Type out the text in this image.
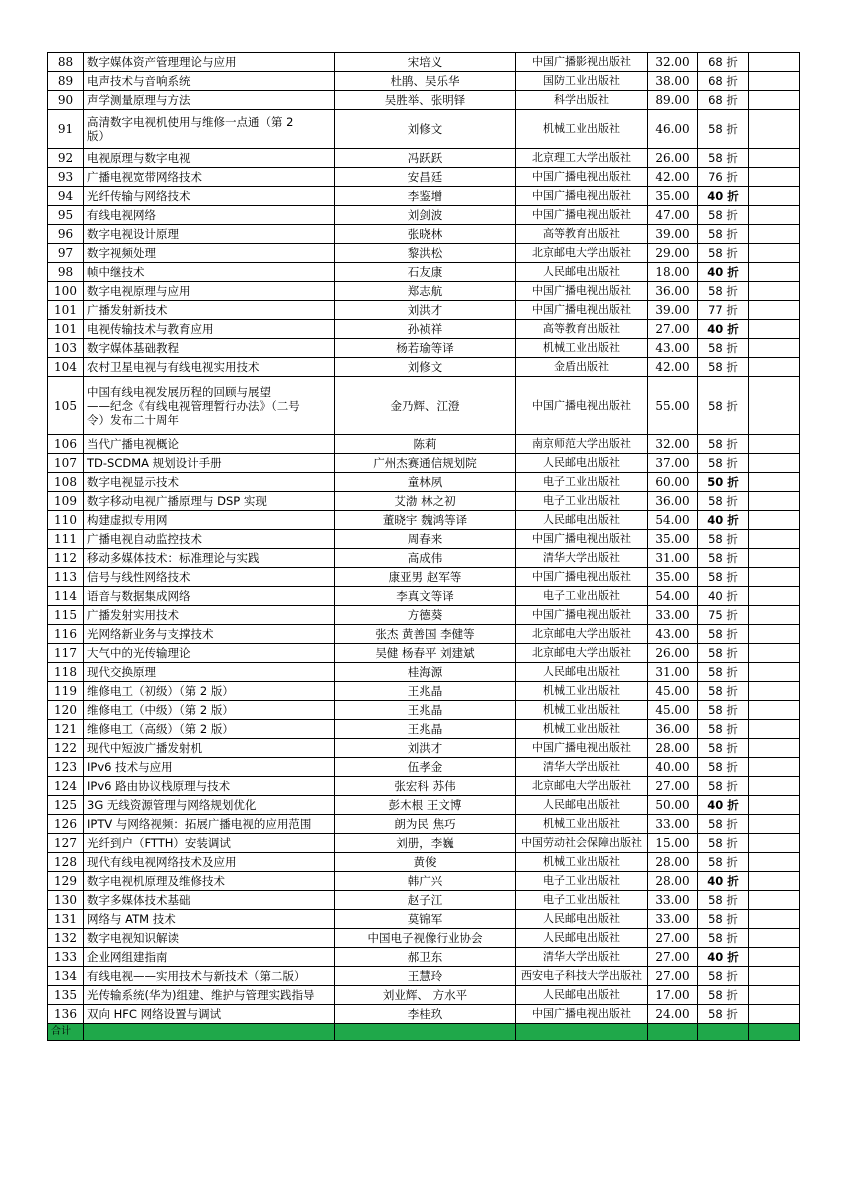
88	数字媒体资产管理理论与应用	宋培义	中国广播影视出版社	32.00	68 折	
89	电声技术与音响系统	杜鹃、吴乐华	国防工业出版社	38.00	68 折	
90	声学测量原理与方法	吴胜举、张明铎	科学出版社	89.00	68 折	
91	高清数字电视机使用与维修一点通（第 2
版）	刘修文	机械工业出版社	46.00	58 折	
92	电视原理与数字电视	冯跃跃	北京理工大学出版社	26.00	58 折	
93	广播电视宽带网络技术	安昌廷	中国广播电视出版社	42.00	76 折	
94	光纤传输与网络技术	李鉴增	中国广播电视出版社	35.00	40 折	
95	有线电视网络	刘剑波	中国广播电视出版社	47.00	58 折	
96	数字电视设计原理	张晓林	高等教育出版社	39.00	58 折	
97	数字视频处理	黎洪松	北京邮电大学出版社	29.00	58 折	
98	帧中继技术	石友康	人民邮电出版社	18.00	40 折	
100	数字电视原理与应用	郑志航	中国广播电视出版社	36.00	58 折	
101	广播发射新技术	刘洪才	中国广播电视出版社	39.00	77 折	
101	电视传输技术与教育应用	孙祯祥	高等教育出版社	27.00	40 折	
103	数字媒体基础教程	杨若瑜等译	机械工业出版社	43.00	58 折	
104	农村卫星电视与有线电视实用技术	刘修文	金盾出版社	42.00	58 折	
105	中国有线电视发展历程的回顾与展望
——纪念《有线电视管理暂行办法》（二号
令）发布二十周年	金乃辉、江澄	中国广播电视出版社	55.00	58 折	
106	当代广播电视概论	陈莉	南京师范大学出版社	32.00	58 折	
107	TD-SCDMA 规划设计手册	广州杰赛通信规划院	人民邮电出版社	37.00	58 折	
108	数字电视显示技术	童林夙	电子工业出版社	60.00	50 折	
109	数字移动电视广播原理与 DSP 实现	艾渤 林之初	电子工业出版社	36.00	58 折	
110	构建虚拟专用网	董晓宇 魏鸿等译	人民邮电出版社	54.00	40 折	
111	广播电视自动监控技术	周春来	中国广播电视出版社	35.00	58 折	
112	移动多媒体技术：标准理论与实践	高成伟	清华大学出版社	31.00	58 折	
113	信号与线性网络技术	康亚男 赵军等	中国广播电视出版社	35.00	58 折	
114	语音与数据集成网络	李真文等译	电子工业出版社	54.00	40 折	
115	广播发射实用技术	方德葵	中国广播电视出版社	33.00	75 折	
116	光网络新业务与支撑技术	张杰 黄善国 李健等	北京邮电大学出版社	43.00	58 折	
117	大气中的光传输理论	吴健 杨春平 刘建斌	北京邮电大学出版社	26.00	58 折	
118	现代交换原理	桂海源	人民邮电出版社	31.00	58 折	
119	维修电工（初级）（第 2 版）	王兆晶	机械工业出版社	45.00	58 折	
120	维修电工（中级）（第 2 版）	王兆晶	机械工业出版社	45.00	58 折	
121	维修电工（高级）（第 2 版）	王兆晶	机械工业出版社	36.00	58 折	
122	现代中短波广播发射机	刘洪才	中国广播电视出版社	28.00	58 折	
123	IPv6 技术与应用	伍孝金	清华大学出版社	40.00	58 折	
124	IPv6 路由协议栈原理与技术	张宏科 苏伟	北京邮电大学出版社	27.00	58 折	
125	3G 无线资源管理与网络规划优化	彭木根 王文博	人民邮电出版社	50.00	40 折	
126	IPTV 与网络视频：拓展广播电视的应用范围	朗为民 焦巧	机械工业出版社	33.00	58 折	
127	光纤到户（FTTH）安装调试	刘册，李巍	中国劳动社会保障出版社	15.00	58 折	
128	现代有线电视网络技术及应用	黄俊	机械工业出版社	28.00	58 折	
129	数字电视机原理及维修技术	韩广兴	电子工业出版社	28.00	40 折	
130	数字多媒体技术基础	赵子江	电子工业出版社	33.00	58 折	
131	网络与 ATM 技术	莫锦军	人民邮电出版社	33.00	58 折	
132	数字电视知识解读	中国电子视像行业协会	人民邮电出版社	27.00	58 折	
133	企业网组建指南	郝卫东	清华大学出版社	27.00	40 折	
134	有线电视——实用技术与新技术（第二版）	王慧玲	西安电子科技大学出版社	27.00	58 折	
135	光传输系统(华为)组建、维护与管理实践指导	刘业辉、 方水平	人民邮电出版社	17.00	58 折	
136	双向 HFC 网络设置与调试	李桂玖	中国广播电视出版社	24.00	58 折	
合计						
